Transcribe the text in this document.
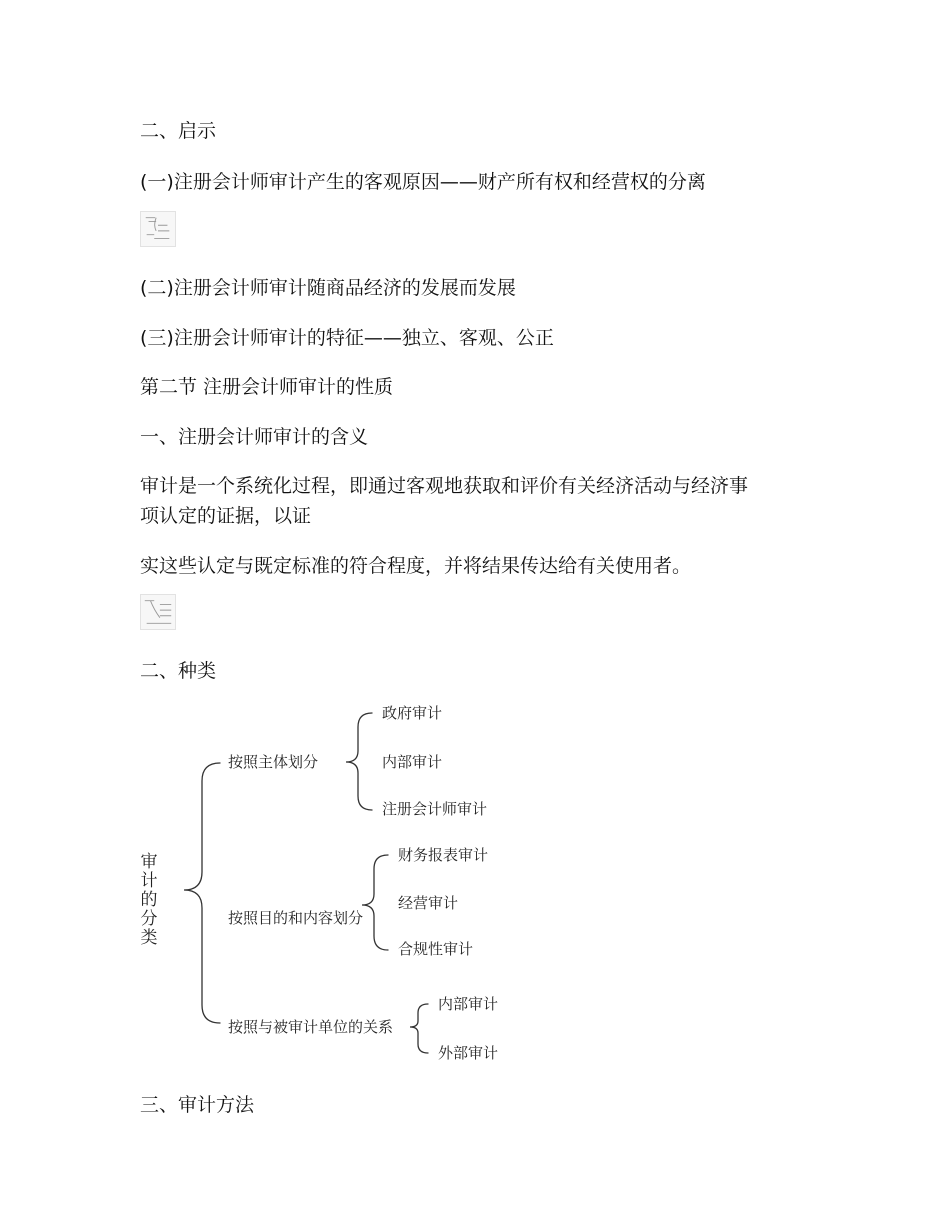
二、启示

(一)注册会计师审计产生的客观原因——财产所有权和经营权的分离

(二)注册会计师审计随商品经济的发展而发展

(三)注册会计师审计的特征——独立、客观、公正

第二节 注册会计师审计的性质

一、注册会计师审计的含义

审计是一个系统化过程，即通过客观地获取和评价有关经济活动与经济事

项认定的证据，以证

实这些认定与既定标准的符合程度，并将结果传达给有关使用者。

二、种类

审计的分类
按照主体划分
政府审计
内部审计
注册会计师审计
按照目的和内容划分
财务报表审计
经营审计
合规性审计
按照与被审计单位的关系
内部审计
外部审计

三、审计方法
